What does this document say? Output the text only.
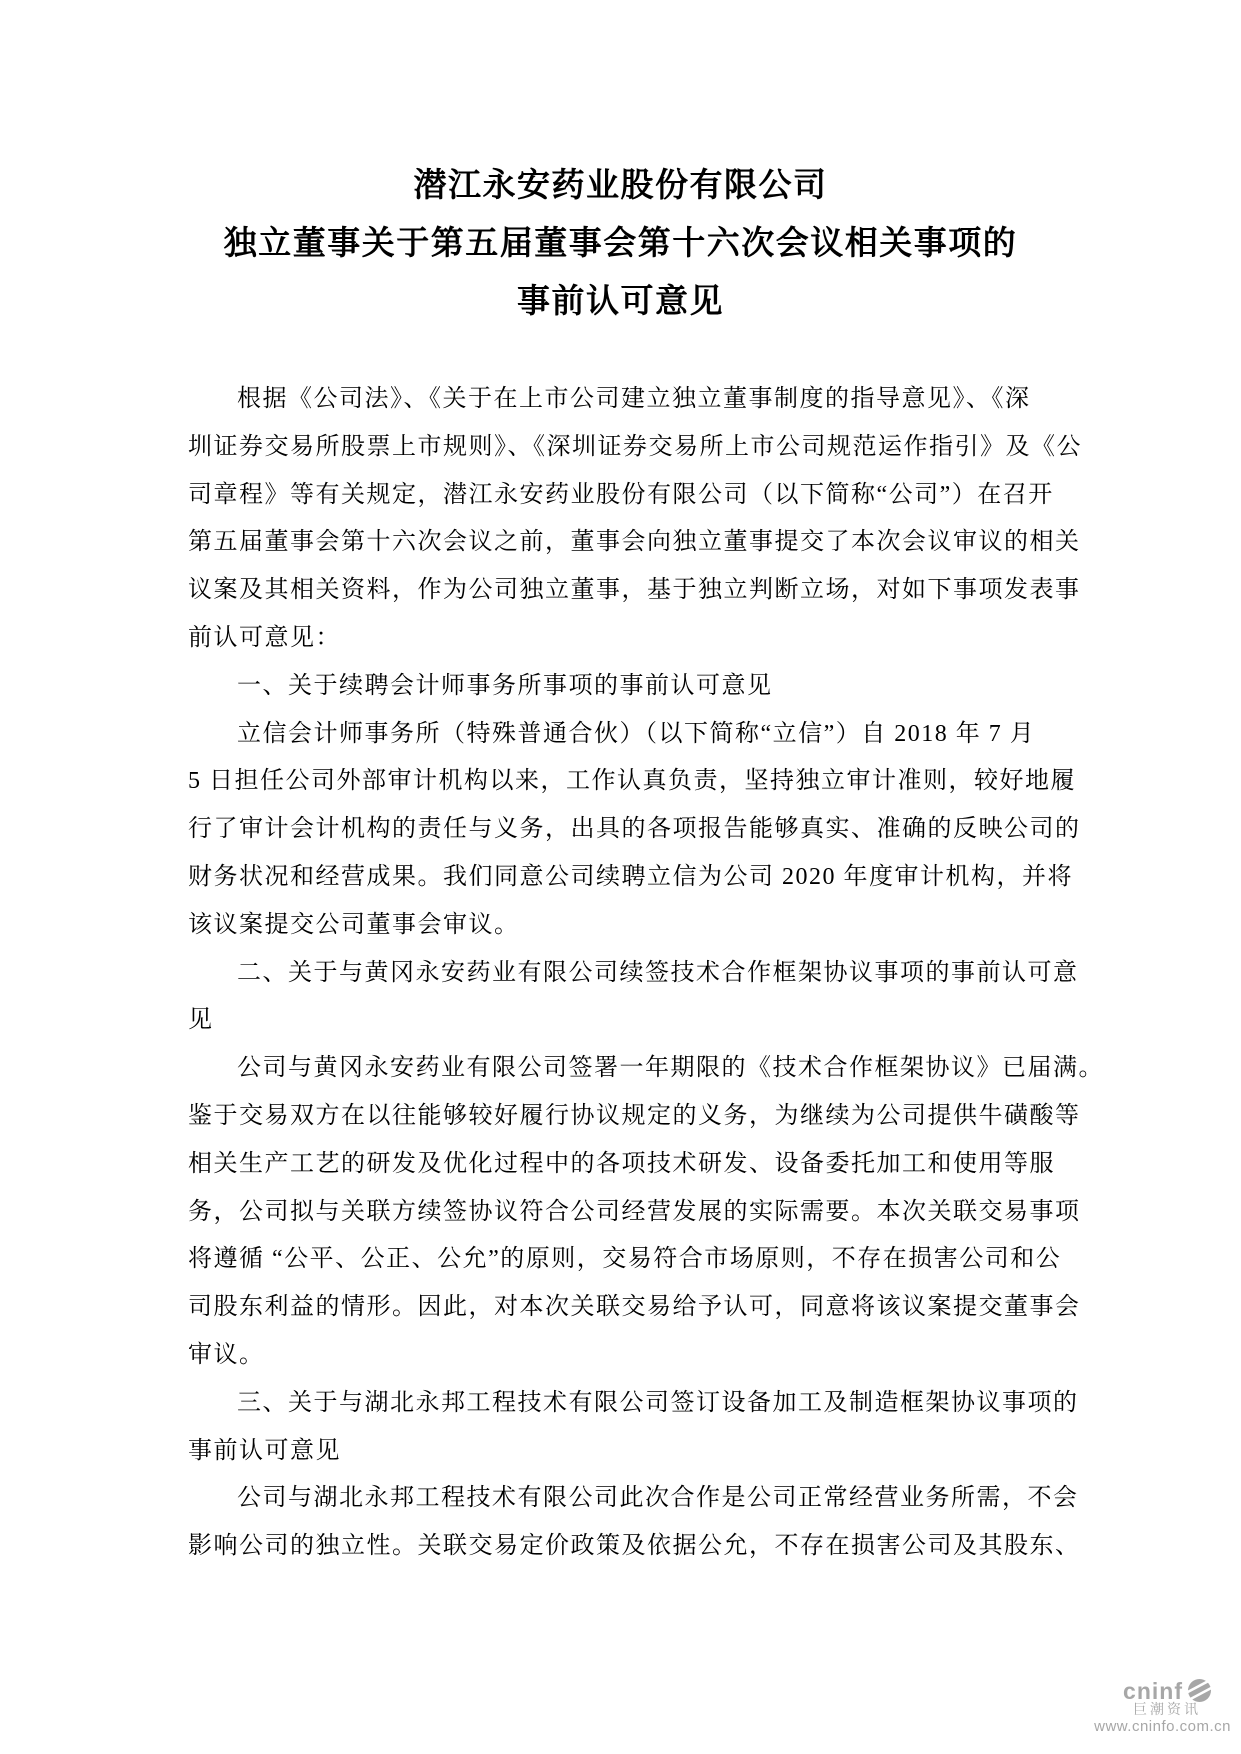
潜江永安药业股份有限公司
独立董事关于第五届董事会第十六次会议相关事项的
事前认可意见
根据《公司法》、《关于在上市公司建立独立董事制度的指导意见》、《深
圳证券交易所股票上市规则》、《深圳证券交易所上市公司规范运作指引》及《公
司章程》等有关规定，潜江永安药业股份有限公司（以下简称“公司”）在召开
第五届董事会第十六次会议之前，董事会向独立董事提交了本次会议审议的相关
议案及其相关资料，作为公司独立董事，基于独立判断立场，对如下事项发表事
前认可意见：
一、关于续聘会计师事务所事项的事前认可意见
立信会计师事务所（特殊普通合伙）（以下简称“立信”）自 2018 年 7 月
5 日担任公司外部审计机构以来，工作认真负责，坚持独立审计准则，较好地履
行了审计会计机构的责任与义务，出具的各项报告能够真实、准确的反映公司的
财务状况和经营成果。我们同意公司续聘立信为公司 2020 年度审计机构，并将
该议案提交公司董事会审议。
二、关于与黄冈永安药业有限公司续签技术合作框架协议事项的事前认可意
见
公司与黄冈永安药业有限公司签署一年期限的《技术合作框架协议》已届满。
鉴于交易双方在以往能够较好履行协议规定的义务，为继续为公司提供牛磺酸等
相关生产工艺的研发及优化过程中的各项技术研发、设备委托加工和使用等服
务，公司拟与关联方续签协议符合公司经营发展的实际需要。本次关联交易事项
将遵循 “公平、公正、公允”的原则，交易符合市场原则，不存在损害公司和公
司股东利益的情形。因此，对本次关联交易给予认可，同意将该议案提交董事会
审议。
三、关于与湖北永邦工程技术有限公司签订设备加工及制造框架协议事项的
事前认可意见
公司与湖北永邦工程技术有限公司此次合作是公司正常经营业务所需，不会
影响公司的独立性。关联交易定价政策及依据公允，不存在损害公司及其股东、
cninf
巨潮资讯
www.cninfo.com.cn
